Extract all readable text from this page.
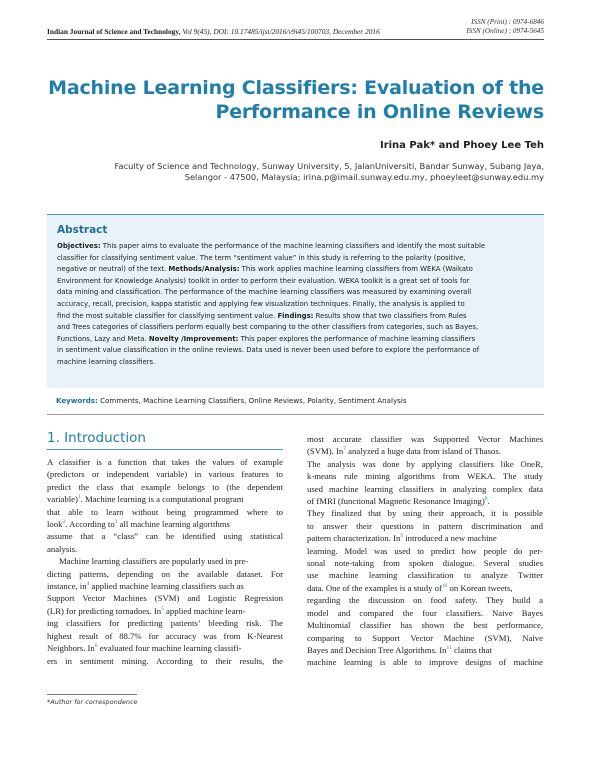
ISSN (Print) : 0974-6846
ISSN (Online) : 0974-5645
Indian Journal of Science and Technology, Vol 9(45), DOI: 10.17485/ijst/2016/v9i45/100703, December 2016
Machine Learning Classifiers: Evaluation of the
Performance in Online Reviews
Irina Pak* and Phoey Lee Teh
Faculty of Science and Technology, Sunway University, 5, JalanUniversiti, Bandar Sunway, Subang Jaya,
Selangor - 47500, Malaysia; irina.p@imail.sunway.edu.my, phoeyleet@sunway.edu.my
Abstract
Objectives: This paper aims to evaluate the performance of the machine learning classifiers and identify the most suitable
classifier for classifying sentiment value. The term “sentiment value” in this study is referring to the polarity (positive,
negative or neutral) of the text. Methods/Analysis: This work applies machine learning classifiers from WEKA (Waikato
Environment for Knowledge Analysis) toolkit in order to perform their evaluation. WEKA toolkit is a great set of tools for
data mining and classification. The performance of the machine learning classifiers was measured by examining overall
accuracy, recall, precision, kappa statistic and applying few visualization techniques. Finally, the analysis is applied to
find the most suitable classifier for classifying sentiment value. Findings: Results show that two classifiers from Rules
and Trees categories of classifiers perform equally best comparing to the other classifiers from categories, such as Bayes,
Functions, Lazy and Meta. Novelty /Improvement: This paper explores the performance of machine learning classifiers
in sentiment value classification in the online reviews. Data used is never been used before to explore the performance of
machine learning classifiers.
Keywords: Comments, Machine Learning Classifiers, Online Reviews, Polarity, Sentiment Analysis
1. Introduction
A classifier is a function that takes the values of example
(predictors or independent variable) in various features to
predict the class that example belongs to (the dependent
variable)$^1$. Machine learning is a computational program
that able to learn without being programmed where to
look$^2$. According $to^3$ all machine learning algorithms
assume that a “class” can be identified using statistical
analysis.
Machine learning classifiers are popularly used in pre-
dicting patterns, depending on the available dataset. For
instance, $in^4$ applied machine learning classifiers such as
Support Vector Machines (SVM) and Logistic Regression
(LR) for predicting tornadoes. In$^5$ applied machine learn-
ing classifiers for predicting patients’ bleeding risk. The
highest result of 88.7% for accuracy was from K-Nearest
Neighbors. In$^6$ evaluated four machine learning classifi-
ers in sentiment mining. According to their results, the
most accurate classifier was Supported Vector Machines
(SVM). In$^7$ analyzed a huge data from island of Thasos.
The analysis was done by applying classifiers like OneR,
k-means rule mining algorithms from WEKA. The study
used machine learning classifiers in analyzing complex data
of fMRI (functional Magnetic Resonance Imaging)$^8$.
They finalized that by using their approach, it is possible
to answer their questions in pattern discrimination and
pattern characterization. In$^9$ introduced a new machine
learning. Model was used to predict how people do per-
sonal note-taking from spoken dialogue. Several studies
use machine learning classification to analyze Twitter
data. One of the examples is a study $of^{10}$ on Korean tweets,
regarding the discussion on food safety. They build a
model and compared the four classifiers. Naive Bayes
Multinomial classifier has shown the best performance,
comparing to Support Vector Machine (SVM), Naive
Bayes and Decision Tree Algorithms. In$^{11}$ claims that
machine learning is able to improve designs of machine
*Author for correspondence
